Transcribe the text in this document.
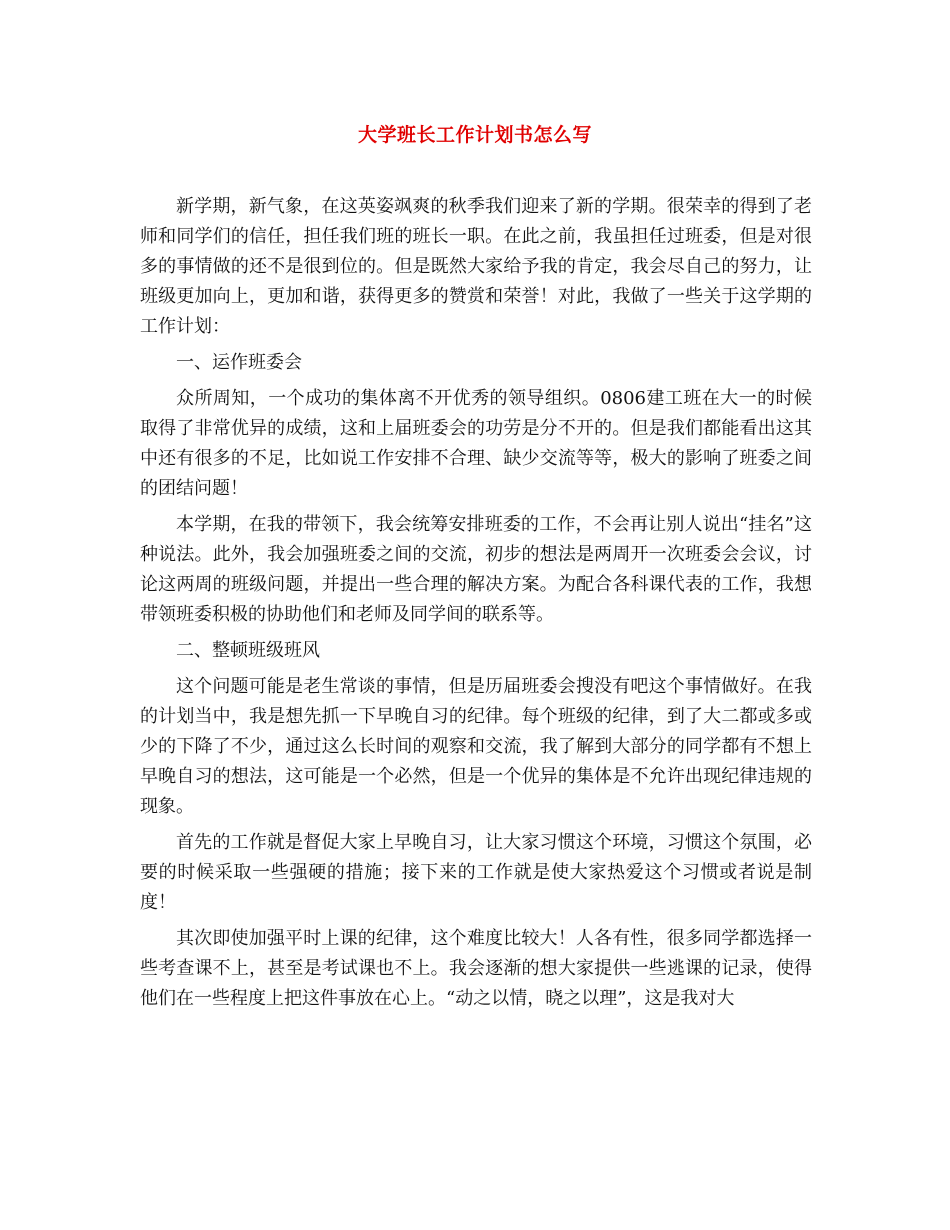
大学班长工作计划书怎么写

新学期，新气象，在这英姿飒爽的秋季我们迎来了新的学期。很荣幸的得到了老师和同学们的信任，担任我们班的班长一职。在此之前，我虽担任过班委，但是对很多的事情做的还不是很到位的。但是既然大家给予我的肯定，我会尽自己的努力，让班级更加向上，更加和谐，获得更多的赞赏和荣誉！对此，我做了一些关于这学期的工作计划：

一、运作班委会

众所周知，一个成功的集体离不开优秀的领导组织。0806建工班在大一的时候取得了非常优异的成绩，这和上届班委会的功劳是分不开的。但是我们都能看出这其中还有很多的不足，比如说工作安排不合理、缺少交流等等，极大的影响了班委之间的团结问题！

本学期，在我的带领下，我会统筹安排班委的工作，不会再让别人说出“挂名”这种说法。此外，我会加强班委之间的交流，初步的想法是两周开一次班委会会议，讨论这两周的班级问题，并提出一些合理的解决方案。为配合各科课代表的工作，我想带领班委积极的协助他们和老师及同学间的联系等。

二、整顿班级班风

这个问题可能是老生常谈的事情，但是历届班委会搜没有吧这个事情做好。在我的计划当中，我是想先抓一下早晚自习的纪律。每个班级的纪律，到了大二都或多或少的下降了不少，通过这么长时间的观察和交流，我了解到大部分的同学都有不想上早晚自习的想法，这可能是一个必然，但是一个优异的集体是不允许出现纪律违规的现象。

首先的工作就是督促大家上早晚自习，让大家习惯这个环境，习惯这个氛围，必要的时候采取一些强硬的措施；接下来的工作就是使大家热爱这个习惯或者说是制度！

其次即使加强平时上课的纪律，这个难度比较大！人各有性，很多同学都选择一些考查课不上，甚至是考试课也不上。我会逐渐的想大家提供一些逃课的记录，使得他们在一些程度上把这件事放在心上。“动之以情，晓之以理”，这是我对大
